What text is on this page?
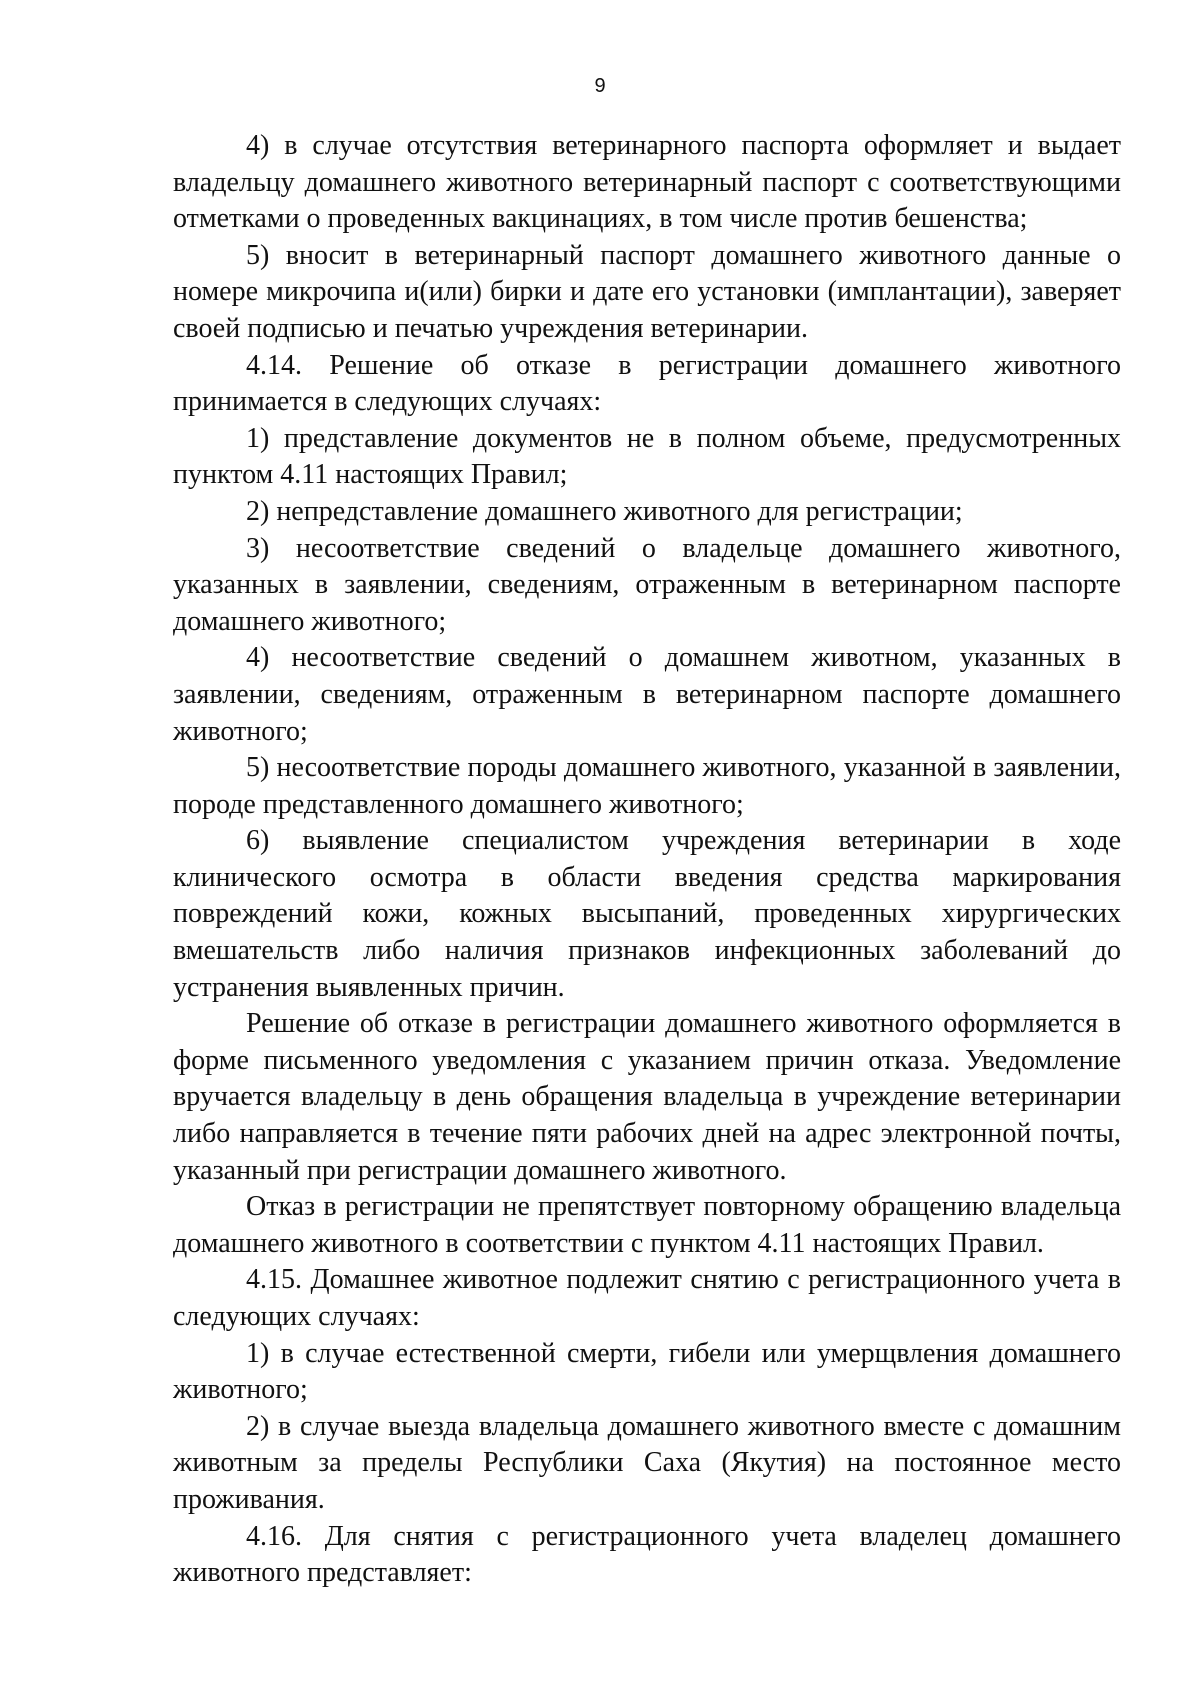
9

4) в случае отсутствия ветеринарного паспорта оформляет и выдает владельцу домашнего животного ветеринарный паспорт с соответствующими отметками о проведенных вакцинациях, в том числе против бешенства;

5) вносит в ветеринарный паспорт домашнего животного данные о номере микрочипа и(или) бирки и дате его установки (имплантации), заверяет своей подписью и печатью учреждения ветеринарии.

4.14. Решение об отказе в регистрации домашнего животного принимается в следующих случаях:

1) представление документов не в полном объеме, предусмотренных пунктом 4.11 настоящих Правил;

2) непредставление домашнего животного для регистрации;

3) несоответствие сведений о владельце домашнего животного, указанных в заявлении, сведениям, отраженным в ветеринарном паспорте домашнего животного;

4) несоответствие сведений о домашнем животном, указанных в заявлении, сведениям, отраженным в ветеринарном паспорте домашнего животного;

5) несоответствие породы домашнего животного, указанной в заявлении, породе представленного домашнего животного;

6) выявление специалистом учреждения ветеринарии в ходе клинического осмотра в области введения средства маркирования повреждений кожи, кожных высыпаний, проведенных хирургических вмешательств либо наличия признаков инфекционных заболеваний до устранения выявленных причин.

Решение об отказе в регистрации домашнего животного оформляется в форме письменного уведомления с указанием причин отказа. Уведомление вручается владельцу в день обращения владельца в учреждение ветеринарии либо направляется в течение пяти рабочих дней на адрес электронной почты, указанный при регистрации домашнего животного.

Отказ в регистрации не препятствует повторному обращению владельца домашнего животного в соответствии с пунктом 4.11 настоящих Правил.

4.15. Домашнее животное подлежит снятию с регистрационного учета в следующих случаях:

1) в случае естественной смерти, гибели или умерщвления домашнего животного;

2) в случае выезда владельца домашнего животного вместе с домашним животным за пределы Республики Саха (Якутия) на постоянное место проживания.

4.16. Для снятия с регистрационного учета владелец домашнего животного представляет:
